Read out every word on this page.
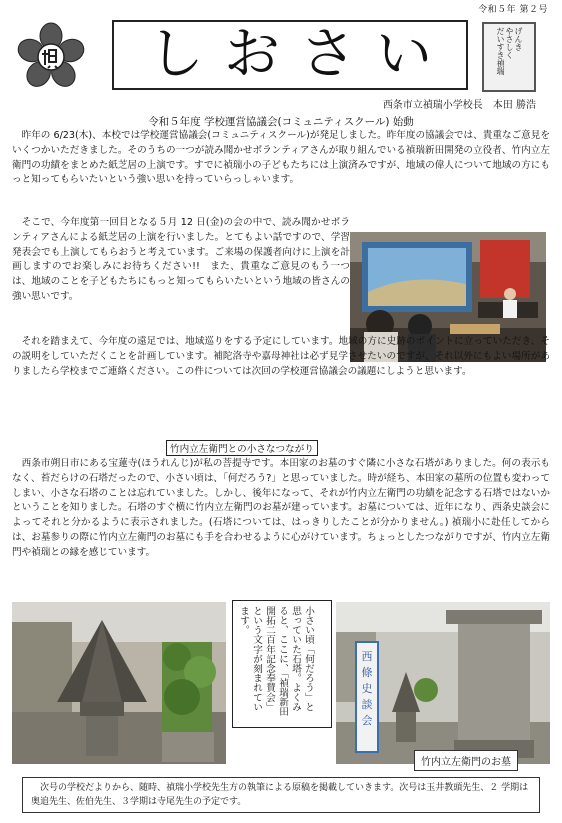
令和５年 第２号
しおさい	げんき
やさしく
だいすき禎瑞
西条市立禎瑞小学校長　本田 勝浩
令和５年度 学校運営協議会(コミュニティスクール) 始動

昨年の 6/23(木)、本校では学校運営協議会(コミュニティスクール)が発足しました。昨年度の協議会では、貴重なご意見をいくつかいただきました。そのうちの一つが読み聞かせボランティアさんが取り組んでいる禎瑞新田開発の立役者、竹内立左衛門の功績をまとめた紙芝居の上演です。すでに禎瑞小の子どもたちには上演済みですが、地域の偉人について地域の方にもっと知ってもらいたいという強い思いを持っていらっしゃいます。

そこで、今年度第一回目となる５月 12 日(金)の会の中で、読み聞かせボランティアさんによる紙芝居の上演を行いました。とてもよい話ですので、学習発表会でも上演してもらおうと考えています。ご来場の保護者向けに上演を計画しますのでお楽しみにお待ちください!!　また、貴重なご意見のもう一つは、地域のことを子どもたちにもっと知ってもらいたいという地域の皆さんの強い思いです。

それを踏まえて、今年度の遠足では、地域巡りをする予定にしています。地域の方に史跡のポイントに立っていただき、その説明をしていただくことを計画しています。補陀洛寺や嘉母神社は必ず見学させたいのですが、それ以外にもよい場所がありましたら学校までご連絡ください。この件については次回の学校運営協議会の議題にしようと思います。

竹内立左衛門との小さなつながり

西条市朔日市にある宝蓮寺(ほうれんじ)が私の菩提寺です。本田家のお墓のすぐ隣に小さな石塔がありました。何の表示もなく、苔だらけの石塔だったので、小さい頃は、「何だろう?」と思っていました。時が経ち、本田家の墓所の位置も変わってしまい、小さな石塔のことは忘れていました。しかし、後年になって、それが竹内立左衛門の功績を記念する石塔ではないかということを知りました。石塔のすぐ横に竹内立左衛門のお墓が建っています。お墓については、近年になり、西条史談会によってそれと分かるように表示されました。(石塔については、はっきりしたことが分かりません。) 禎瑞小に赴任してからは、お墓参りの際に竹内立左衛門のお墓にも手を合わせるように心がけています。ちょっとしたつながりですが、竹内立左衛門や禎瑞との縁を感じています。

小さい頃「何だろう」と思っていた石塔。よくみると、ここに、「禎瑞新田開拓二百年記念奉賛会」という文字が刻まれています。
西
條
史
談
会
竹内立左衛門のお墓
次号の学校だよりから、随時、禎瑞小学校先生方の執筆による原稿を掲載していきます。次号は玉井教頭先生、２ 学期は奥追先生、佐伯先生、３学期は寺尾先生の予定です。
